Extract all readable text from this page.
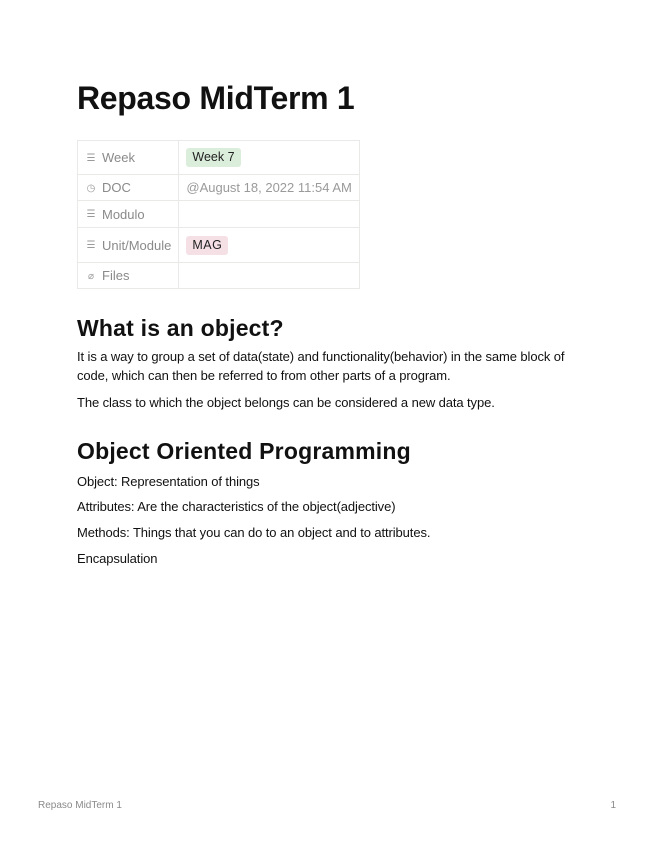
Repaso MidTerm 1
☰ Week	Week 7
◷ DOC	@August 18, 2022 11:54 AM
☰ Modulo	
☰ Unit/Module	MAG
⌀ Files	
What is an object?

It is a way to group a set of data(state) and functionality(behavior) in the same block of code, which can then be referred to from other parts of a program.

The class to which the object belongs can be considered a new data type.

Object Oriented Programming

Object: Representation of things

Attributes: Are the characteristics of the object(adjective)

Methods: Things that you can do to an object and to attributes.

Encapsulation

Repaso MidTerm 1	1
